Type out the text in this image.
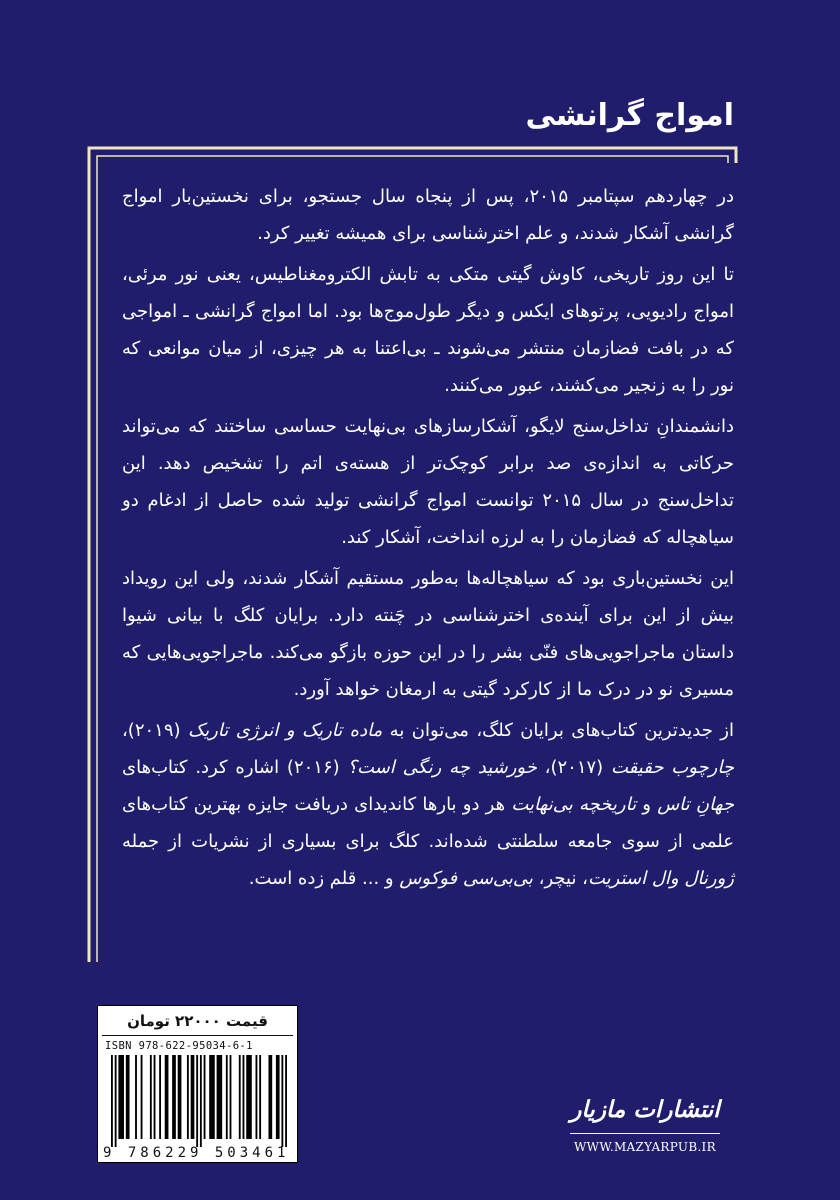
امواج گرانشی

در چهاردهم سپتامبر ۲۰۱۵، پس از پنجاه سال جستجو، برای نخستین‌بار امواج گرانشی آشکار شدند، و علم اخترشناسی برای همیشه تغییر کرد.

تا این روز تاریخی، کاوش گیتی متکی به تابش الکترومغناطیس، یعنی نور مرئی، امواج رادیویی، پرتوهای ایکس و دیگر طول‌موج‌ها بود. اما امواج گرانشی ـ امواجی که در بافت فضازمان منتشر می‌شوند ـ بی‌اعتنا به هر چیزی، از میان موانعی که نور را به زنجیر می‌کشند، عبور می‌کنند.

دانشمندانِ تداخل‌سنج لایگو، آشکارسازهای بی‌نهایت حساسی ساختند که می‌تواند حرکاتی به اندازه‌ی صد برابر کوچک‌تر از هسته‌ی اتم را تشخیص دهد. این تداخل‌سنج در سال ۲۰۱۵ توانست امواج گرانشی تولید شده حاصل از ادغام دو سیاهچاله که فضازمان را به لرزه انداخت، آشکار کند.

این نخستین‌باری بود که سیاهچاله‌ها به‌طور مستقیم آشکار شدند، ولی این رویداد بیش از این برای آینده‌ی اخترشناسی در چَنته دارد. برایان کلگ با بیانی شیوا داستان ماجراجویی‌های فنّی بشر را در این حوزه بازگو می‌کند. ماجراجویی‌هایی که مسیری نو در درک ما از کارکرد گیتی به ارمغان خواهد آورد.

از جدیدترین کتاب‌های برایان کلگ، می‌توان به ماده تاریک و انرژی تاریک (۲۰۱۹)، چارچوب حقیقت (۲۰۱۷)، خورشید چه رنگی است؟ (۲۰۱۶) اشاره کرد. کتاب‌های جهانِ تاس و تاریخچه بی‌نهایت هر دو بارها کاندیدای دریافت جایزه بهترین کتاب‌های علمی از سوی جامعه سلطنتی شده‌اند. کلگ برای بسیاری از نشریات از جمله ژورنال وال استریت، نیچر، بی‌بی‌سی فوکوس و ... قلم زده است.

قیمت ۲۲۰۰۰ تومان
ISBN 978-622-95034-6-1
9 786229 503461
انتشارات مازیار
WWW.MAZYARPUB.IR
